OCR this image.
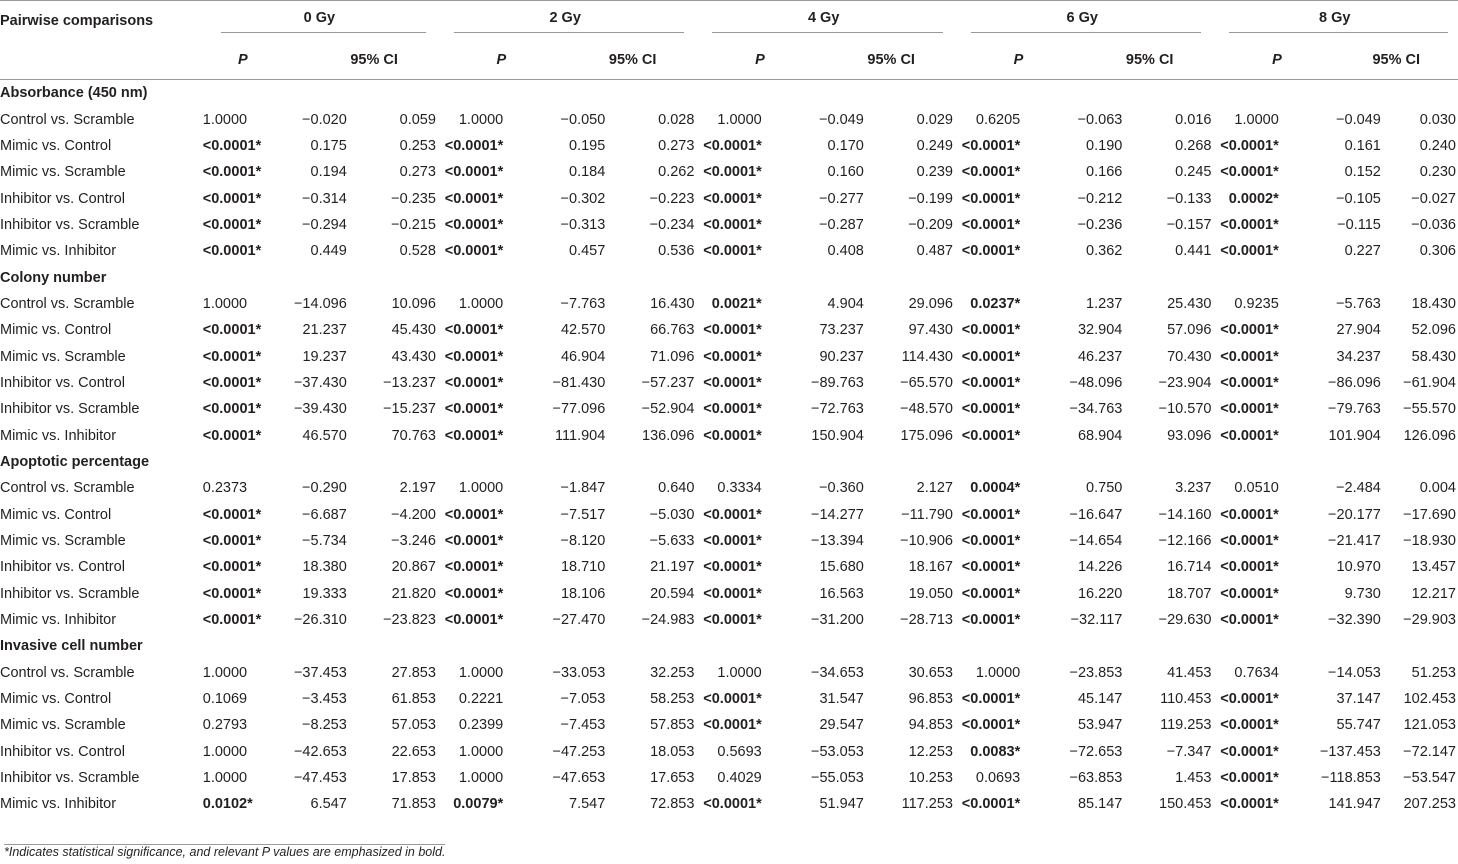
Pairwise comparisons	0 Gy			2 Gy			4 Gy			6 Gy			8 Gy		

	P	95% CI		P	95% CI		P	95% CI		P	95% CI		P	95% CI	
Absorbance (450 nm)															
Control vs. Scramble	1.0000	−0.020	0.059	1.0000	−0.050	0.028	1.0000	−0.049	0.029	0.6205	−0.063	0.016	1.0000	−0.049	0.030
Mimic vs. Control	<0.0001*	0.175	0.253	<0.0001*	0.195	0.273	<0.0001*	0.170	0.249	<0.0001*	0.190	0.268	<0.0001*	0.161	0.240
Mimic vs. Scramble	<0.0001*	0.194	0.273	<0.0001*	0.184	0.262	<0.0001*	0.160	0.239	<0.0001*	0.166	0.245	<0.0001*	0.152	0.230
Inhibitor vs. Control	<0.0001*	−0.314	−0.235	<0.0001*	−0.302	−0.223	<0.0001*	−0.277	−0.199	<0.0001*	−0.212	−0.133	0.0002*	−0.105	−0.027
Inhibitor vs. Scramble	<0.0001*	−0.294	−0.215	<0.0001*	−0.313	−0.234	<0.0001*	−0.287	−0.209	<0.0001*	−0.236	−0.157	<0.0001*	−0.115	−0.036
Mimic vs. Inhibitor	<0.0001*	0.449	0.528	<0.0001*	0.457	0.536	<0.0001*	0.408	0.487	<0.0001*	0.362	0.441	<0.0001*	0.227	0.306
Colony number															
Control vs. Scramble	1.0000	−14.096	10.096	1.0000	−7.763	16.430	0.0021*	4.904	29.096	0.0237*	1.237	25.430	0.9235	−5.763	18.430
Mimic vs. Control	<0.0001*	21.237	45.430	<0.0001*	42.570	66.763	<0.0001*	73.237	97.430	<0.0001*	32.904	57.096	<0.0001*	27.904	52.096
Mimic vs. Scramble	<0.0001*	19.237	43.430	<0.0001*	46.904	71.096	<0.0001*	90.237	114.430	<0.0001*	46.237	70.430	<0.0001*	34.237	58.430
Inhibitor vs. Control	<0.0001*	−37.430	−13.237	<0.0001*	−81.430	−57.237	<0.0001*	−89.763	−65.570	<0.0001*	−48.096	−23.904	<0.0001*	−86.096	−61.904
Inhibitor vs. Scramble	<0.0001*	−39.430	−15.237	<0.0001*	−77.096	−52.904	<0.0001*	−72.763	−48.570	<0.0001*	−34.763	−10.570	<0.0001*	−79.763	−55.570
Mimic vs. Inhibitor	<0.0001*	46.570	70.763	<0.0001*	111.904	136.096	<0.0001*	150.904	175.096	<0.0001*	68.904	93.096	<0.0001*	101.904	126.096
Apoptotic percentage															
Control vs. Scramble	0.2373	−0.290	2.197	1.0000	−1.847	0.640	0.3334	−0.360	2.127	0.0004*	0.750	3.237	0.0510	−2.484	0.004
Mimic vs. Control	<0.0001*	−6.687	−4.200	<0.0001*	−7.517	−5.030	<0.0001*	−14.277	−11.790	<0.0001*	−16.647	−14.160	<0.0001*	−20.177	−17.690
Mimic vs. Scramble	<0.0001*	−5.734	−3.246	<0.0001*	−8.120	−5.633	<0.0001*	−13.394	−10.906	<0.0001*	−14.654	−12.166	<0.0001*	−21.417	−18.930
Inhibitor vs. Control	<0.0001*	18.380	20.867	<0.0001*	18.710	21.197	<0.0001*	15.680	18.167	<0.0001*	14.226	16.714	<0.0001*	10.970	13.457
Inhibitor vs. Scramble	<0.0001*	19.333	21.820	<0.0001*	18.106	20.594	<0.0001*	16.563	19.050	<0.0001*	16.220	18.707	<0.0001*	9.730	12.217
Mimic vs. Inhibitor	<0.0001*	−26.310	−23.823	<0.0001*	−27.470	−24.983	<0.0001*	−31.200	−28.713	<0.0001*	−32.117	−29.630	<0.0001*	−32.390	−29.903
Invasive cell number															
Control vs. Scramble	1.0000	−37.453	27.853	1.0000	−33.053	32.253	1.0000	−34.653	30.653	1.0000	−23.853	41.453	0.7634	−14.053	51.253
Mimic vs. Control	0.1069	−3.453	61.853	0.2221	−7.053	58.253	<0.0001*	31.547	96.853	<0.0001*	45.147	110.453	<0.0001*	37.147	102.453
Mimic vs. Scramble	0.2793	−8.253	57.053	0.2399	−7.453	57.853	<0.0001*	29.547	94.853	<0.0001*	53.947	119.253	<0.0001*	55.747	121.053
Inhibitor vs. Control	1.0000	−42.653	22.653	1.0000	−47.253	18.053	0.5693	−53.053	12.253	0.0083*	−72.653	−7.347	<0.0001*	−137.453	−72.147
Inhibitor vs. Scramble	1.0000	−47.453	17.853	1.0000	−47.653	17.653	0.4029	−55.053	10.253	0.0693	−63.853	1.453	<0.0001*	−118.853	−53.547
Mimic vs. Inhibitor	0.0102*	6.547	71.853	0.0079*	7.547	72.853	<0.0001*	51.947	117.253	<0.0001*	85.147	150.453	<0.0001*	141.947	207.253
*Indicates statistical significance, and relevant P values are emphasized in bold.
